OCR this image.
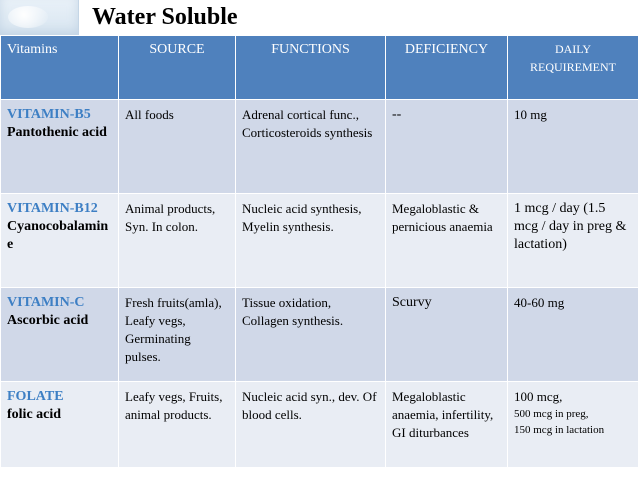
Water Soluble
Vitamins	SOURCE	FUNCTIONS	DEFICIENCY	DAILY REQUIREMENT

VITAMIN-B5
Pantothenic acid	All foods	Adrenal cortical func., Corticosteroids synthesis	--	10 mg

VITAMIN-B12
Cyanocobalamine	Animal products, Syn. In colon.	Nucleic acid synthesis, Myelin synthesis.	Megaloblastic & pernicious anaemia	1 mcg / day (1.5 mcg / day in preg & lactation)

VITAMIN-C
Ascorbic acid	Fresh fruits(amla), Leafy vegs, Germinating pulses.	Tissue oxidation, Collagen synthesis.	Scurvy	40-60 mg

FOLATE
folic acid	Leafy vegs, Fruits, animal products.	Nucleic acid syn., dev. Of blood cells.	Megaloblastic anaemia, infertility, GI diturbances	100 mcg,
500 mcg in preg,
150 mcg in lactation
